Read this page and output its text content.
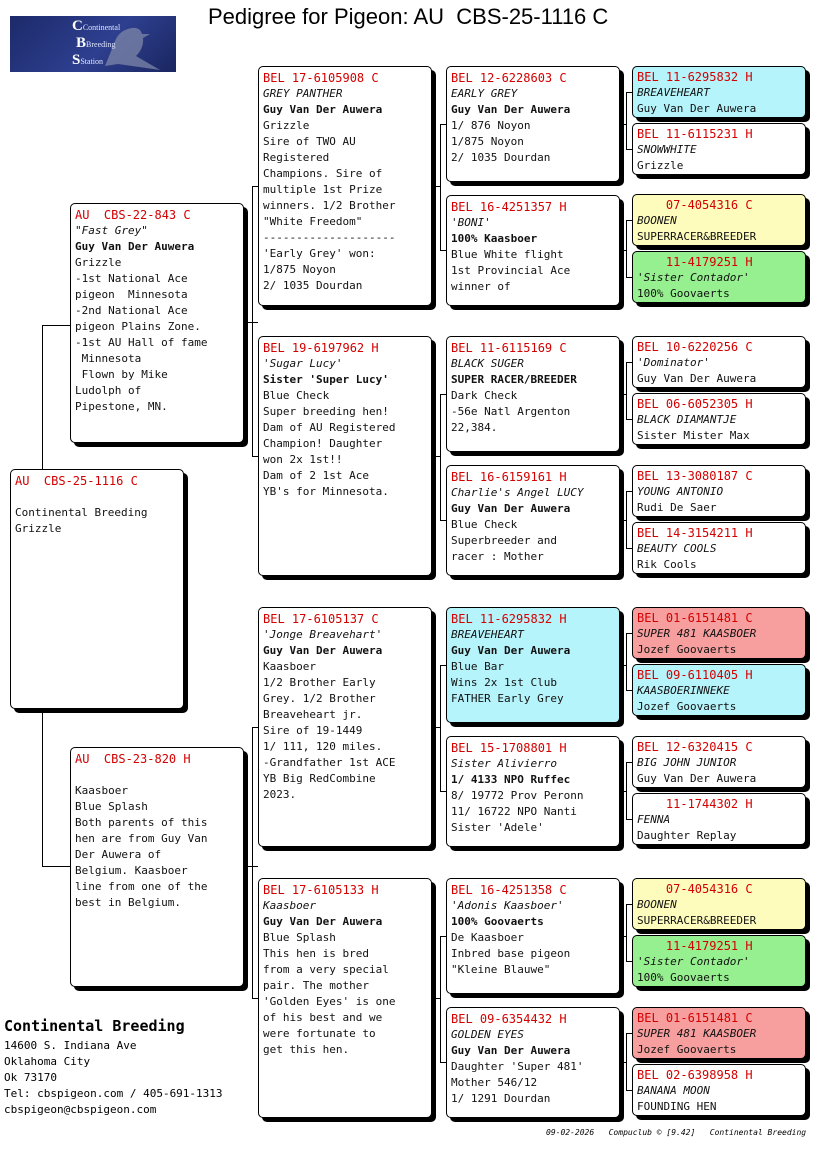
Pedigree for Pigeon: AU  CBS-25-1116 C
CContinental
BBreeding
SStation
AU  CBS-25-1116 C

Continental Breeding
Grizzle
AU  CBS-22-843 C
"Fast Grey"
Guy Van Der Auwera
Grizzle
-1st National Ace
pigeon  Minnesota
-2nd National Ace
pigeon Plains Zone.
-1st AU Hall of fame
Minnesota
Flown by Mike
Ludolph of
Pipestone, MN.
AU  CBS-23-820 H

Kaasboer
Blue Splash
Both parents of this
hen are from Guy Van
Der Auwera of
Belgium. Kaasboer
line from one of the
best in Belgium.
BEL 17-6105908 C
GREY PANTHER
Guy Van Der Auwera
Grizzle
Sire of TWO AU
Registered
Champions. Sire of
multiple 1st Prize
winners. 1/2 Brother
"White Freedom"
--------------------
'Early Grey' won:
1/875 Noyon
2/ 1035 Dourdan
BEL 19-6197962 H
'Sugar Lucy'
Sister 'Super Lucy'
Blue Check
Super breeding hen!
Dam of AU Registered
Champion! Daughter
won 2x 1st!!
Dam of 2 1st Ace
YB's for Minnesota.
BEL 17-6105137 C
'Jonge Breavehart'
Guy Van Der Auwera
Kaasboer
1/2 Brother Early
Grey. 1/2 Brother
Breaveheart jr.
Sire of 19-1449
1/ 111, 120 miles.
-Grandfather 1st ACE
YB Big RedCombine
2023.
BEL 17-6105133 H
Kaasboer
Guy Van Der Auwera
Blue Splash
This hen is bred
from a very special
pair. The mother
'Golden Eyes' is one
of his best and we
were fortunate to
get this hen.
BEL 12-6228603 C
EARLY GREY
Guy Van Der Auwera
1/ 876 Noyon
1/875 Noyon
2/ 1035 Dourdan
BEL 16-4251357 H
'BONI'
100% Kaasboer
Blue White flight
1st Provincial Ace
winner of
BEL 11-6115169 C
BLACK SUGER
SUPER RACER/BREEDER
Dark Check
-56e Natl Argenton
22,384.
BEL 16-6159161 H
Charlie's Angel LUCY
Guy Van Der Auwera
Blue Check
Superbreeder and
racer : Mother
BEL 11-6295832 H
BREAVEHEART
Guy Van Der Auwera
Blue Bar
Wins 2x 1st Club
FATHER Early Grey
BEL 15-1708801 H
Sister Alivierro
1/ 4133 NPO Ruffec
8/ 19772 Prov Peronn
11/ 16722 NPO Nanti
Sister 'Adele'
BEL 16-4251358 C
'Adonis Kaasboer'
100% Goovaerts
De Kaasboer
Inbred base pigeon
"Kleine Blauwe"
BEL 09-6354432 H
GOLDEN EYES
Guy Van Der Auwera
Daughter 'Super 481'
Mother 546/12
1/ 1291 Dourdan
BEL 11-6295832 H
BREAVEHEART
Guy Van Der Auwera
BEL 11-6115231 H
SNOWWHITE
Grizzle
07-4054316 C
BOONEN
SUPERRACER&BREEDER
11-4179251 H
'Sister Contador'
100% Goovaerts
BEL 10-6220256 C
'Dominator'
Guy Van Der Auwera
BEL 06-6052305 H
BLACK DIAMANTJE
Sister Mister Max
BEL 13-3080187 C
YOUNG ANTONIO
Rudi De Saer
BEL 14-3154211 H
BEAUTY COOLS
Rik Cools
BEL 01-6151481 C
SUPER 481 KAASBOER
Jozef Goovaerts
BEL 09-6110405 H
KAASBOERINNEKE
Jozef Goovaerts
BEL 12-6320415 C
BIG JOHN JUNIOR
Guy Van Der Auwera
11-1744302 H
FENNA
Daughter Replay
07-4054316 C
BOONEN
SUPERRACER&BREEDER
11-4179251 H
'Sister Contador'
100% Goovaerts
BEL 01-6151481 C
SUPER 481 KAASBOER
Jozef Goovaerts
BEL 02-6398958 H
BANANA MOON
FOUNDING HEN
Continental Breeding
14600 S. Indiana Ave
Oklahoma City
Ok 73170
Tel: cbspigeon.com / 405-691-1313
cbspigeon@cbspigeon.com
09-02-2026   Compuclub © [9.42]   Continental Breeding
